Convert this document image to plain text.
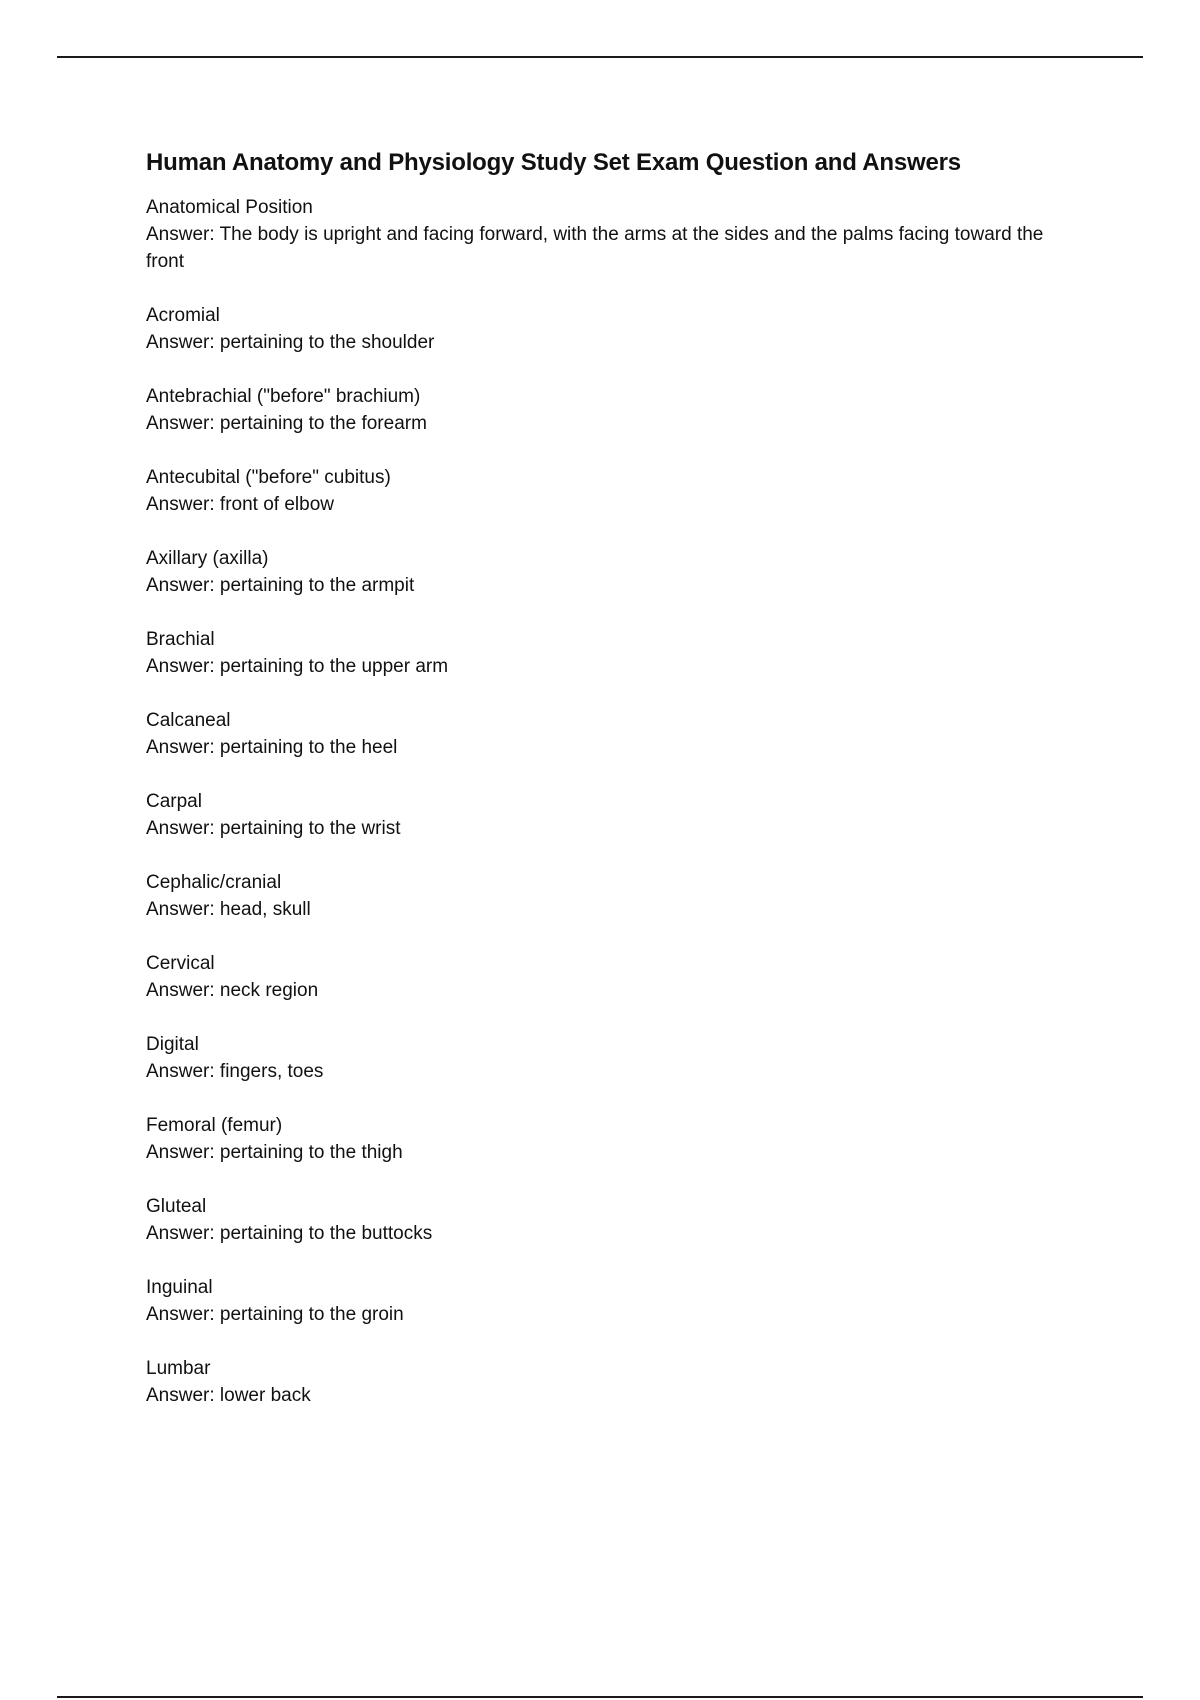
Human Anatomy and Physiology Study Set Exam Question and Answers
Anatomical Position
Answer: The body is upright and facing forward, with the arms at the sides and the palms facing toward the front
Acromial
Answer: pertaining to the shoulder
Antebrachial ("before" brachium)
Answer: pertaining to the forearm
Antecubital ("before" cubitus)
Answer: front of elbow
Axillary (axilla)
Answer: pertaining to the armpit
Brachial
Answer: pertaining to the upper arm
Calcaneal
Answer: pertaining to the heel
Carpal
Answer: pertaining to the wrist
Cephalic/cranial
Answer: head, skull
Cervical
Answer: neck region
Digital
Answer: fingers, toes
Femoral (femur)
Answer: pertaining to the thigh
Gluteal
Answer: pertaining to the buttocks
Inguinal
Answer: pertaining to the groin
Lumbar
Answer: lower back
